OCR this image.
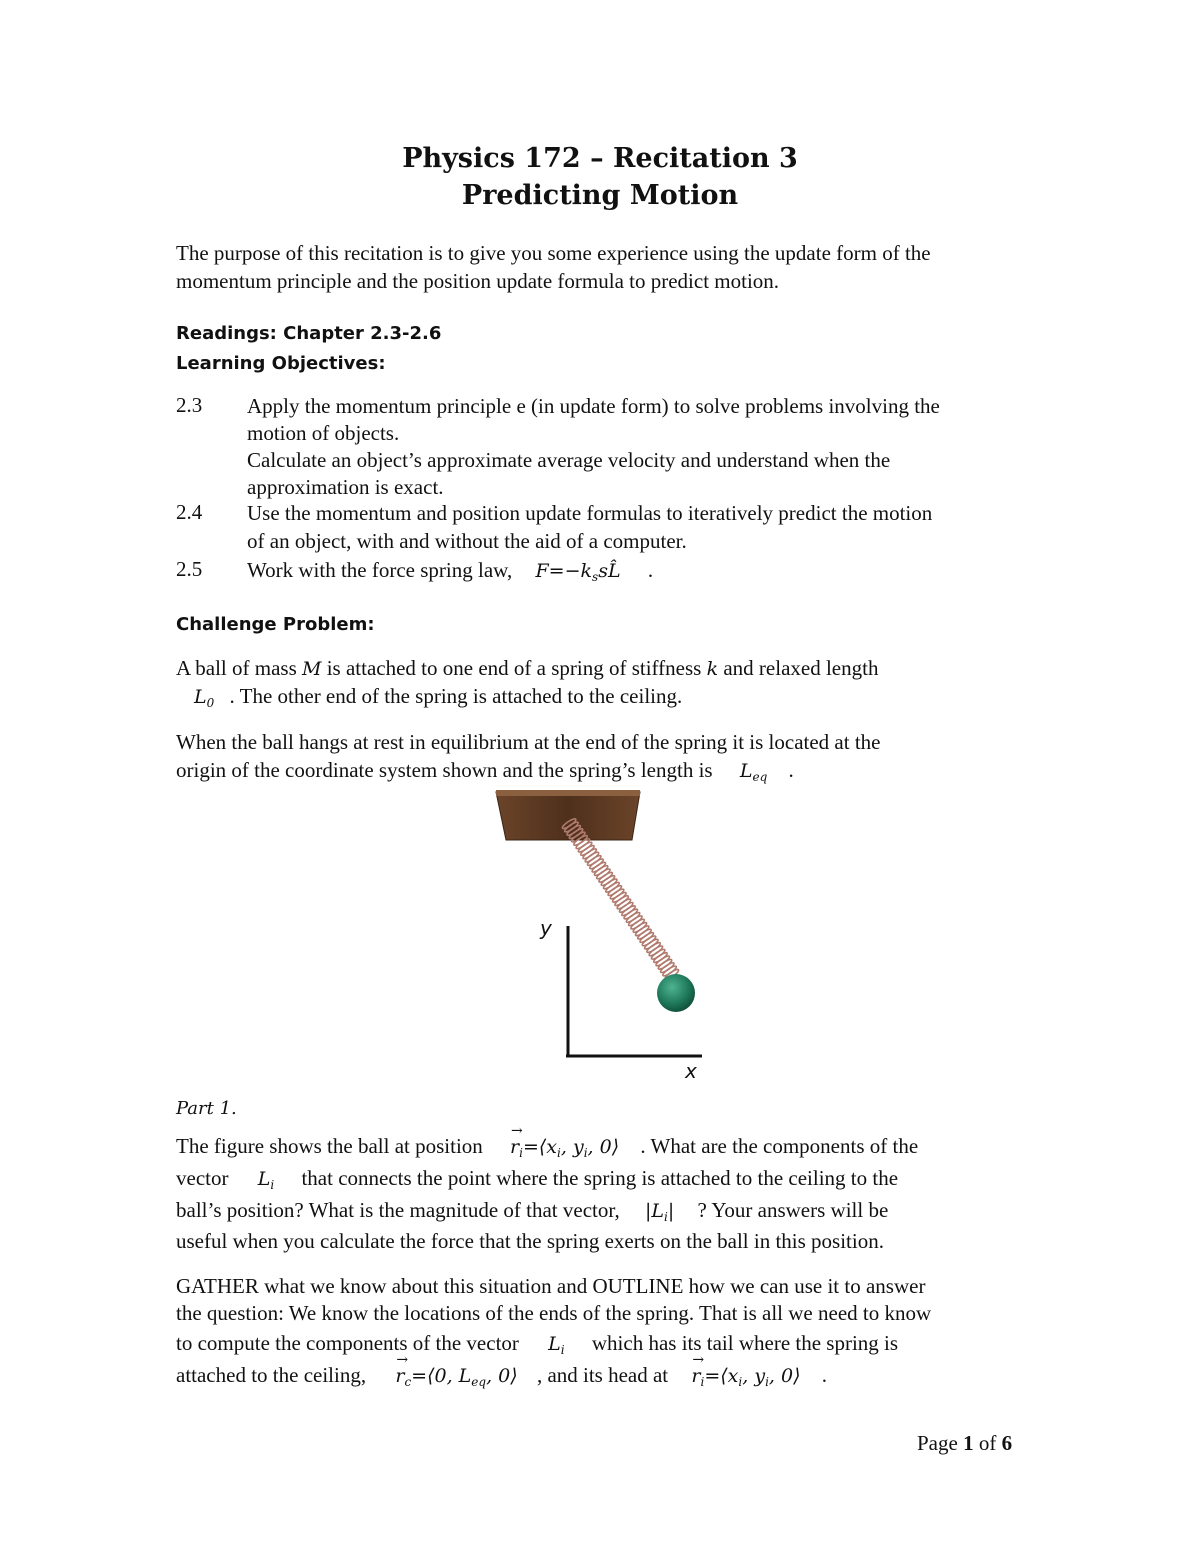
Physics 172 – Recitation 3
Predicting Motion
The purpose of this recitation is to give you some experience using the update form of the
momentum principle and the position update formula to predict motion.
Readings: Chapter 2.3-2.6
Learning Objectives:
2.3 Apply the momentum principle e (in update form) to solve problems involving the
motion of objects.
Calculate an object’s approximate average velocity and understand when the
approximation is exact.
2.4 Use the momentum and position update formulas to iteratively predict the motion
of an object, with and without the aid of a computer.
2.5 Work with the force spring law, $F=-k_ssL̂$ .
Challenge Problem:
A ball of mass M is attached to one end of a spring of stiffness k and relaxed length
$L_0$ . The other end of the spring is attached to the ceiling.
When the ball hangs at rest in equilibrium at the end of the spring it is located at the
origin of the coordinate system shown and the spring’s length is $L_{eq}$ .
y
x
Part 1.
The figure shows the ball at position → $r_i=⟨x_i$, $y_i$, 0⟩ . What are the components of the
vector $L_i$ that connects the point where the spring is attached to the ceiling to the
ball’s position? What is the magnitude of that vector, $|L_i|$ ? Your answers will be
useful when you calculate the force that the spring exerts on the ball in this position.
GATHER what we know about this situation and OUTLINE how we can use it to answer
the question: We know the locations of the ends of the spring. That is all we need to know
to compute the components of the vector $L_i$ which has its tail where the spring is
attached to the ceiling, → $r_c=⟨0$, $L_{eq}$, 0⟩ , and its head at → $r_i=⟨x_i$, $y_i$, 0⟩ .
Page 1 of 6
